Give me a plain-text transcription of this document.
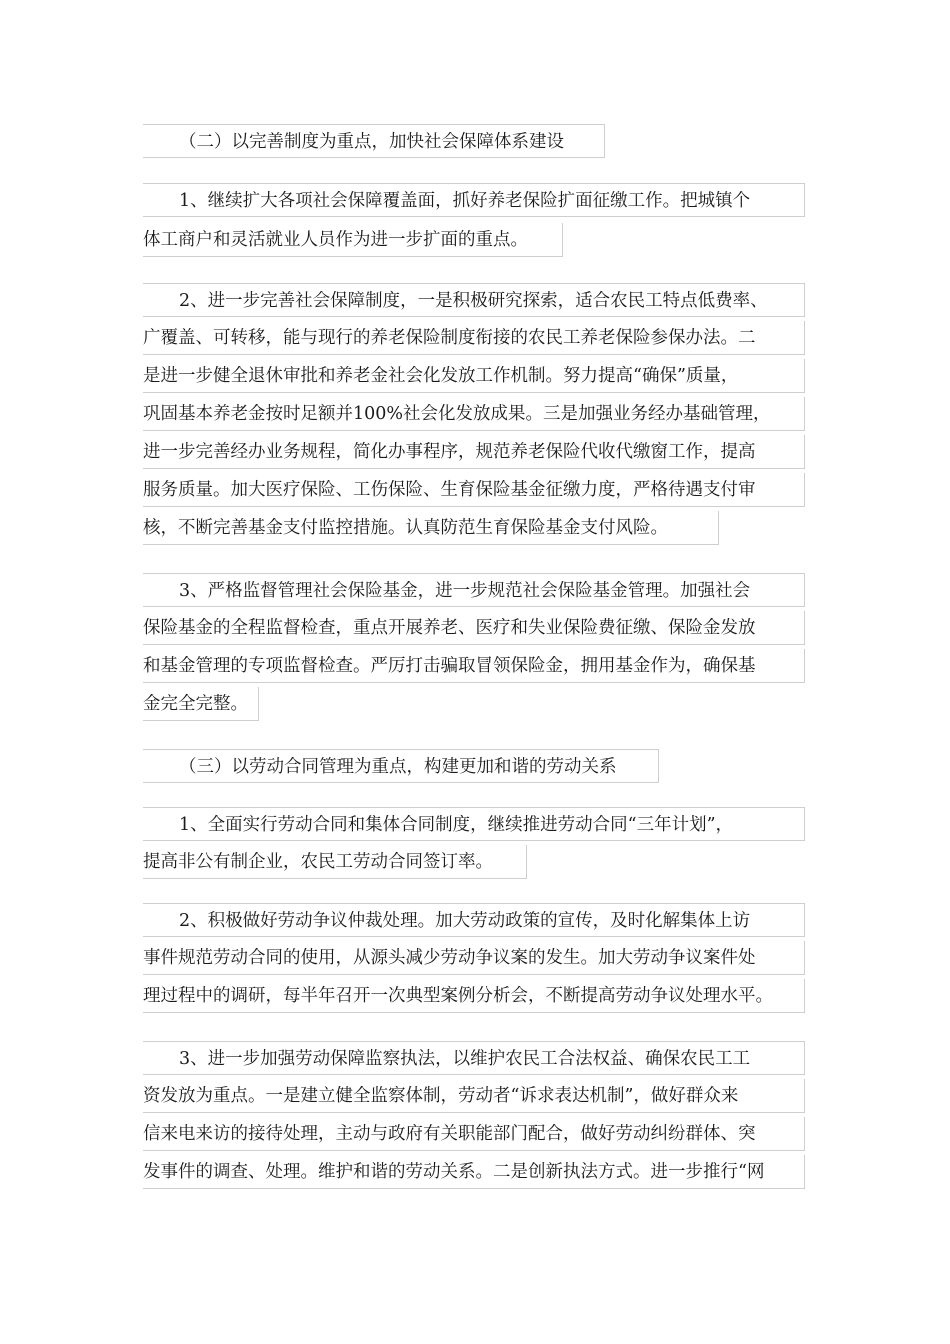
（二）以完善制度为重点，加快社会保障体系建设
1、继续扩大各项社会保障覆盖面，抓好养老保险扩面征缴工作。把城镇个
体工商户和灵活就业人员作为进一步扩面的重点。
2、进一步完善社会保障制度，一是积极研究探索，适合农民工特点低费率、
广覆盖、可转移，能与现行的养老保险制度衔接的农民工养老保险参保办法。二
是进一步健全退休审批和养老金社会化发放工作机制。努力提高“确保”质量，
巩固基本养老金按时足额并100%社会化发放成果。三是加强业务经办基础管理，
进一步完善经办业务规程，简化办事程序，规范养老保险代收代缴窗工作，提高
服务质量。加大医疗保险、工伤保险、生育保险基金征缴力度，严格待遇支付审
核，不断完善基金支付监控措施。认真防范生育保险基金支付风险。
3、严格监督管理社会保险基金，进一步规范社会保险基金管理。加强社会
保险基金的全程监督检查，重点开展养老、医疗和失业保险费征缴、保险金发放
和基金管理的专项监督检查。严厉打击骗取冒领保险金，拥用基金作为，确保基
金完全完整。
（三）以劳动合同管理为重点，构建更加和谐的劳动关系
1、全面实行劳动合同和集体合同制度，继续推进劳动合同“三年计划”，
提高非公有制企业，农民工劳动合同签订率。
2、积极做好劳动争议仲裁处理。加大劳动政策的宣传，及时化解集体上访
事件规范劳动合同的使用，从源头减少劳动争议案的发生。加大劳动争议案件处
理过程中的调研，每半年召开一次典型案例分析会，不断提高劳动争议处理水平。
3、进一步加强劳动保障监察执法，以维护农民工合法权益、确保农民工工
资发放为重点。一是建立健全监察体制，劳动者“诉求表达机制”，做好群众来
信来电来访的接待处理，主动与政府有关职能部门配合，做好劳动纠纷群体、突
发事件的调查、处理。维护和谐的劳动关系。二是创新执法方式。进一步推行“网
